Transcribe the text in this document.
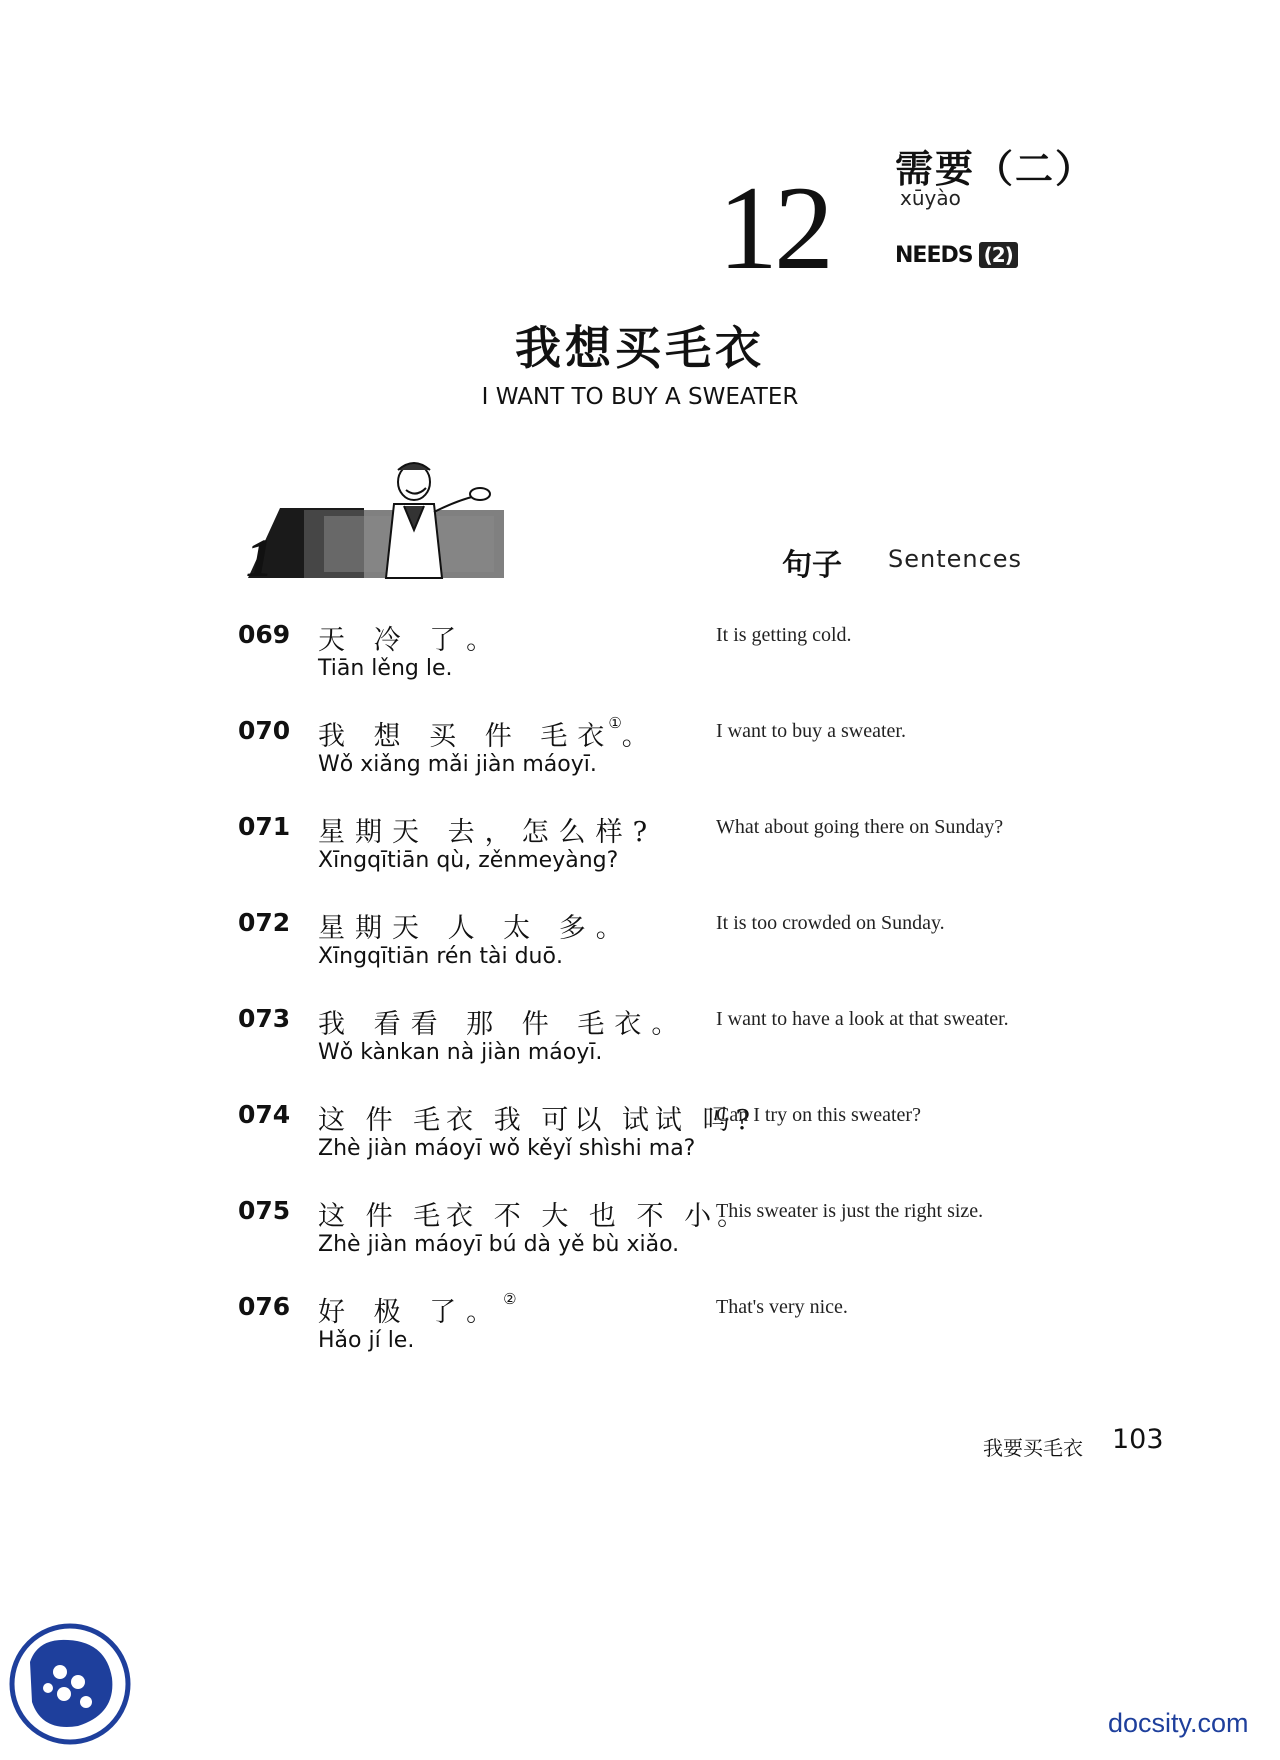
12 需要（二）
xūyào
NEEDS (2)
我想买毛衣
I WANT TO BUY A SWEATER
1	句子 Sentences
069 天 冷 了。
Tiān lěng le.
It is getting cold.
070 我 想 买 件 毛衣①。
Wǒ xiǎng mǎi jiàn máoyī.
I want to buy a sweater.
071 星期天 去，怎么样?
Xīngqītiān qù, zěnmeyàng?
What about going there on Sunday?
072 星期天 人 太 多。
Xīngqītiān rén tài duō.
It is too crowded on Sunday.
073 我 看看 那 件 毛衣。
Wǒ kànkan nà jiàn máoyī.
I want to have a look at that sweater.
074 这 件 毛衣 我 可以 试试 吗?
Zhè jiàn máoyī wǒ kěyǐ shìshi ma?
Can I try on this sweater?
075 这 件 毛衣 不 大 也 不 小。
Zhè jiàn máoyī bú dà yě bù xiǎo.
This sweater is just the right size.
076 好 极 了。②
Hǎo jí le.
That's very nice.
我要买毛衣 103
docsity.com
